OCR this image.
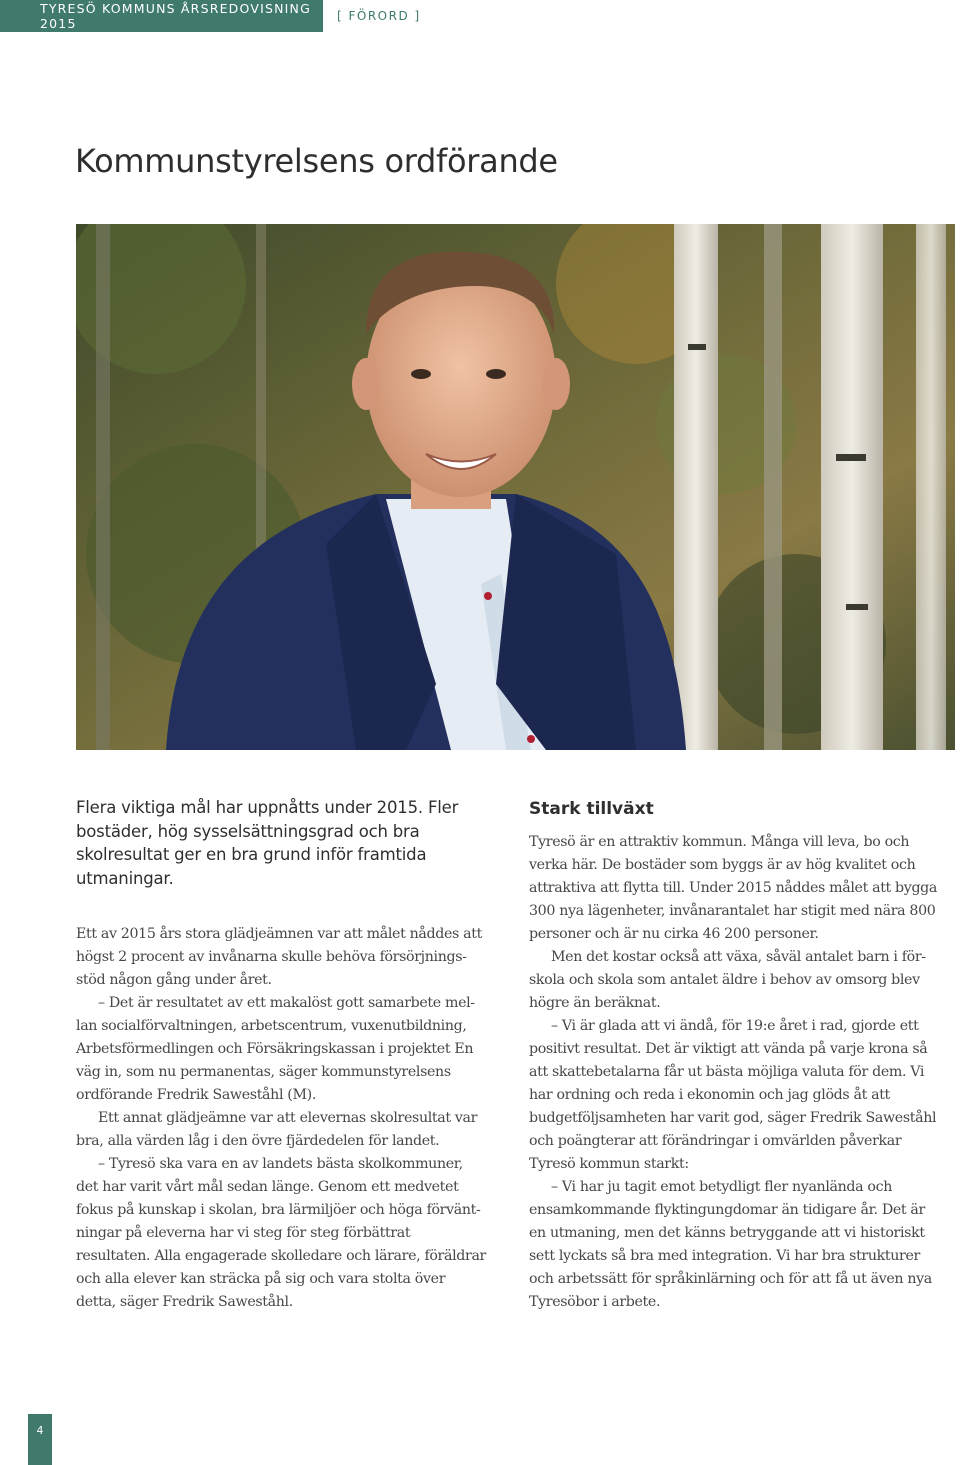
TYRESÖ KOMMUNS ÅRSREDOVISNING 2015	[ FÖRORD ]
Kommunstyrelsens ordförande

Flera viktiga mål har uppnåtts under 2015. Fler bostäder, hög sysselsättningsgrad och bra skolresultat ger en bra grund inför framtida utmaningar.

Ett av 2015 års stora glädjeämnen var att målet nåddes att högst 2 procent av invånarna skulle behöva försörjnings- stöd någon gång under året.

– Det är resultatet av ett makalöst gott samarbete mel- lan socialförvaltningen, arbetscentrum, vuxenutbildning, Arbetsförmedlingen och Försäkringskassan i projektet En väg in, som nu permanentas, säger kommunstyrelsens ordförande Fredrik Saweståhl (M).

Ett annat glädjeämne var att elevernas skolresultat var bra, alla värden låg i den övre fjärdedelen för landet.

– Tyresö ska vara en av landets bästa skolkommuner, det har varit vårt mål sedan länge. Genom ett medvetet fokus på kunskap i skolan, bra lärmiljöer och höga förvänt- ningar på eleverna har vi steg för steg förbättrat resultaten. Alla engagerade skolledare och lärare, föräldrar och alla elever kan sträcka på sig och vara stolta över detta, säger Fredrik Saweståhl.

Stark tillväxt

Tyresö är en attraktiv kommun. Många vill leva, bo och verka här. De bostäder som byggs är av hög kvalitet och attraktiva att flytta till. Under 2015 nåddes målet att bygga 300 nya lägenheter, invånarantalet har stigit med nära 800 personer och är nu cirka 46 200 personer.

Men det kostar också att växa, såväl antalet barn i för- skola och skola som antalet äldre i behov av omsorg blev högre än beräknat.

– Vi är glada att vi ändå, för 19:e året i rad, gjorde ett positivt resultat. Det är viktigt att vända på varje krona så att skattebetalarna får ut bästa möjliga valuta för dem. Vi har ordning och reda i ekonomin och jag glöds åt att budgetföljsamheten har varit god, säger Fredrik Saweståhl och poängterar att förändringar i omvärlden påverkar Tyresö kommun starkt:

– Vi har ju tagit emot betydligt fler nyanlända och ensamkommande flyktingungdomar än tidigare år. Det är en utmaning, men det känns betryggande att vi historiskt sett lyckats så bra med integration. Vi har bra strukturer och arbetssätt för språkinlärning och för att få ut även nya Tyresöbor i arbete.

4
